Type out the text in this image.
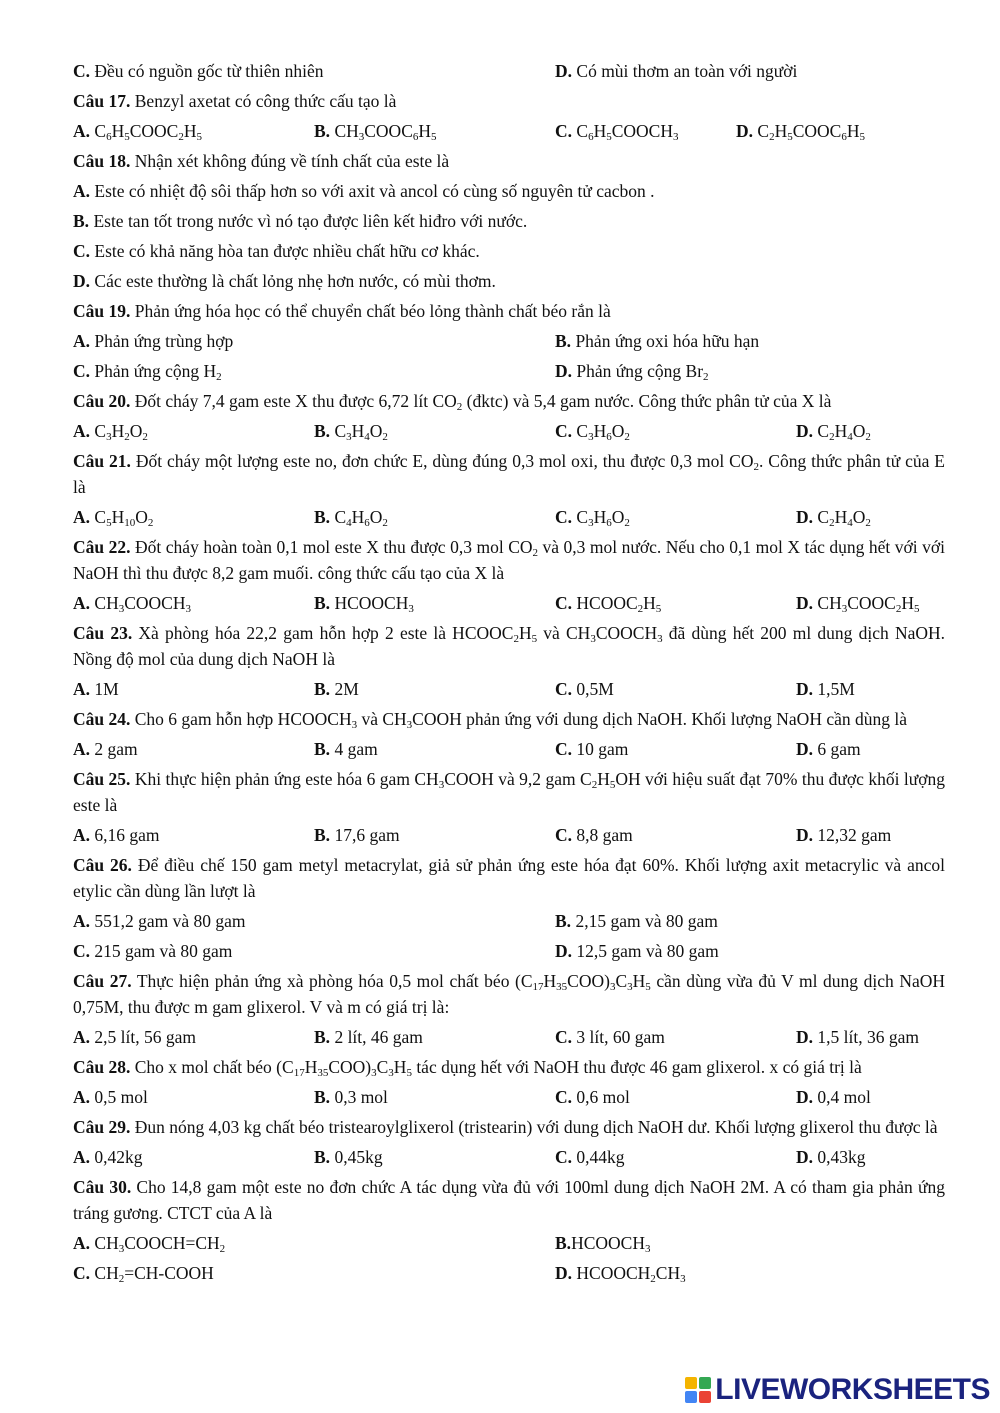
C. Đều có nguồn gốc từ thiên nhiên	D. Có mùi thơm an toàn với người
Câu 17. Benzyl axetat có công thức cấu tạo là
A. $C_6H_5COOC_2H_5$	B. $CH_3COOC_6H_5$	C. $C_6H_5COOCH_3$	D. $C_2H_5COOC_6H_5$
Câu 18. Nhận xét không đúng về tính chất của este là
A. Este có nhiệt độ sôi thấp hơn so với axit và ancol có cùng số nguyên tử cacbon .
B. Este tan tốt trong nước vì nó tạo được liên kết hiđro với nước.
C. Este có khả năng hòa tan được nhiều chất hữu cơ khác.
D. Các este thường là chất lỏng nhẹ hơn nước, có mùi thơm.
Câu 19. Phản ứng hóa học có thể chuyển chất béo lỏng thành chất béo rắn là
A. Phản ứng trùng hợp	B. Phản ứng oxi hóa hữu hạn
C. Phản ứng cộng $H_2$	D. Phản ứng cộng $Br_2$
Câu 20. Đốt cháy 7,4 gam este X thu được 6,72 lít $CO_2$ (đktc) và 5,4 gam nước. Công thức phân tử của X là
A. $C_3H_2O_2$	B. $C_3H_4O_2$	C. $C_3H_6O_2$	D. $C_2H_4O_2$
Câu 21. Đốt cháy một lượng este no, đơn chức E, dùng đúng 0,3 mol oxi, thu được 0,3 mol $CO_2$. Công thức phân tử của E là
A. $C_5H_{10}O_2$	B. $C_4H_6O_2$	C. $C_3H_6O_2$	D. $C_2H_4O_2$
Câu 22. Đốt cháy hoàn toàn 0,1 mol este X thu được 0,3 mol $CO_2$ và 0,3 mol nước. Nếu cho 0,1 mol X tác dụng hết với với NaOH thì thu được 8,2 gam muối. công thức cấu tạo của X là
A. $CH_3COOCH_3$	B. $HCOOCH_3$	C. $HCOOC_2H_5$	D. $CH_3COOC_2H_5$
Câu 23. Xà phòng hóa 22,2 gam hỗn hợp 2 este là $HCOOC_2H_5$ và $CH_3COOCH_3$ đã dùng hết 200 ml dung dịch NaOH. Nồng độ mol của dung dịch NaOH là
A. 1M	B. 2M	C. 0,5M	D. 1,5M
Câu 24. Cho 6 gam hỗn hợp $HCOOCH_3$ và $CH_3COOH$ phản ứng với dung dịch NaOH. Khối lượng NaOH cần dùng là
A. 2 gam	B. 4 gam	C. 10 gam	D. 6 gam
Câu 25. Khi thực hiện phản ứng este hóa 6 gam $CH_3COOH$ và 9,2 gam $C_2H_5OH$ với hiệu suất đạt 70% thu được khối lượng este là
A. 6,16 gam	B. 17,6 gam	C. 8,8 gam	D. 12,32 gam
Câu 26. Để điều chế 150 gam metyl metacrylat, giả sử phản ứng este hóa đạt 60%. Khối lượng axit metacrylic và ancol etylic cần dùng lần lượt là
A. 551,2 gam và 80 gam	B. 2,15 gam và 80 gam
C. 215 gam và 80 gam	D. 12,5 gam và 80 gam
Câu 27. Thực hiện phản ứng xà phòng hóa 0,5 mol chất béo $(C_{17}H_{35}COO)_3C_3H_5$ cần dùng vừa đủ V ml dung dịch NaOH 0,75M, thu được m gam glixerol. V và m có giá trị là:
A. 2,5 lít, 56 gam	B. 2 lít, 46 gam	C. 3 lít, 60 gam	D. 1,5 lít, 36 gam
Câu 28. Cho x mol chất béo $(C_{17}H_{35}COO)_3C_3H_5$ tác dụng hết với NaOH thu được 46 gam glixerol. x có giá trị là
A. 0,5 mol	B. 0,3 mol	C. 0,6 mol	D. 0,4 mol
Câu 29. Đun nóng 4,03 kg chất béo tristearoylglixerol (tristearin) với dung dịch NaOH dư. Khối lượng glixerol thu được là
A. 0,42kg	B. 0,45kg	C. 0,44kg	D. 0,43kg
Câu 30. Cho 14,8 gam một este no đơn chức A tác dụng vừa đủ với 100ml dung dịch NaOH 2M. A có tham gia phản ứng tráng gương. CTCT của A là
A. $CH_3COOCH=CH_2$	$B.HCOOCH_3$
C. $CH_2=CH$-COOH	D. $HCOOCH_2CH_3$
LIVEWORKSHEETS
